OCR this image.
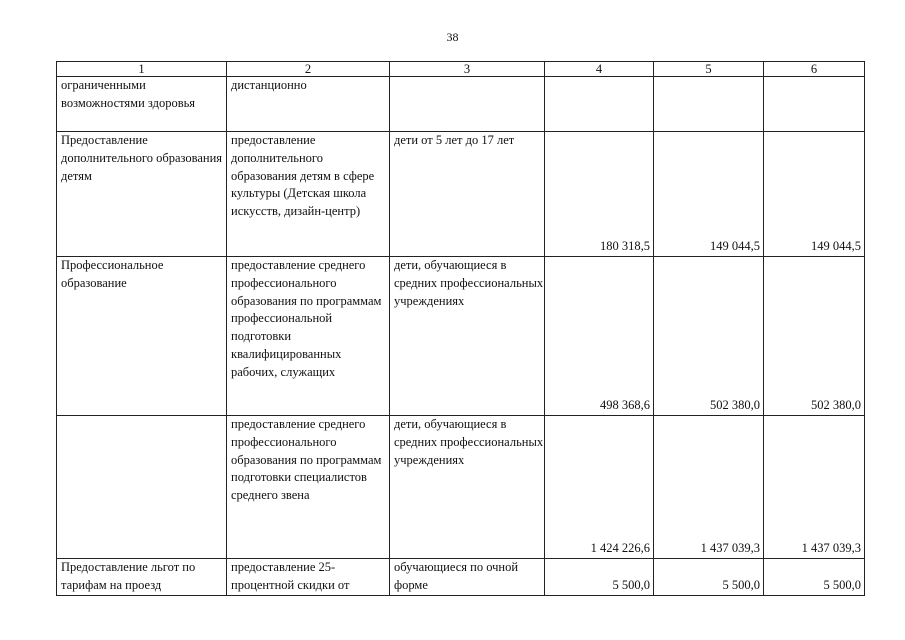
38
1	2	3	4	5	6
ограниченными возможностями здоровья	дистанционно				
Предоставление дополнительного образования детям	предоставление дополнительного образования детям в сфере культуры (Детская школа искусств, дизайн-центр)	дети от 5 лет до 17 лет	180 318,5	149 044,5	149 044,5
Профессиональное образование	предоставление среднего профессионального образования по программам профессиональной подготовки квалифицированных рабочих, служащих	дети, обучающиеся в средних профессиональных учреждениях	498 368,6	502 380,0	502 380,0
	предоставление среднего профессионального образования по программам подготовки специалистов среднего звена	дети, обучающиеся в средних профессиональных учреждениях	1 424 226,6	1 437 039,3	1 437 039,3
Предоставление льгот по тарифам на проезд	предоставление 25-процентной скидки от	обучающиеся по очной форме	5 500,0	5 500,0	5 500,0
